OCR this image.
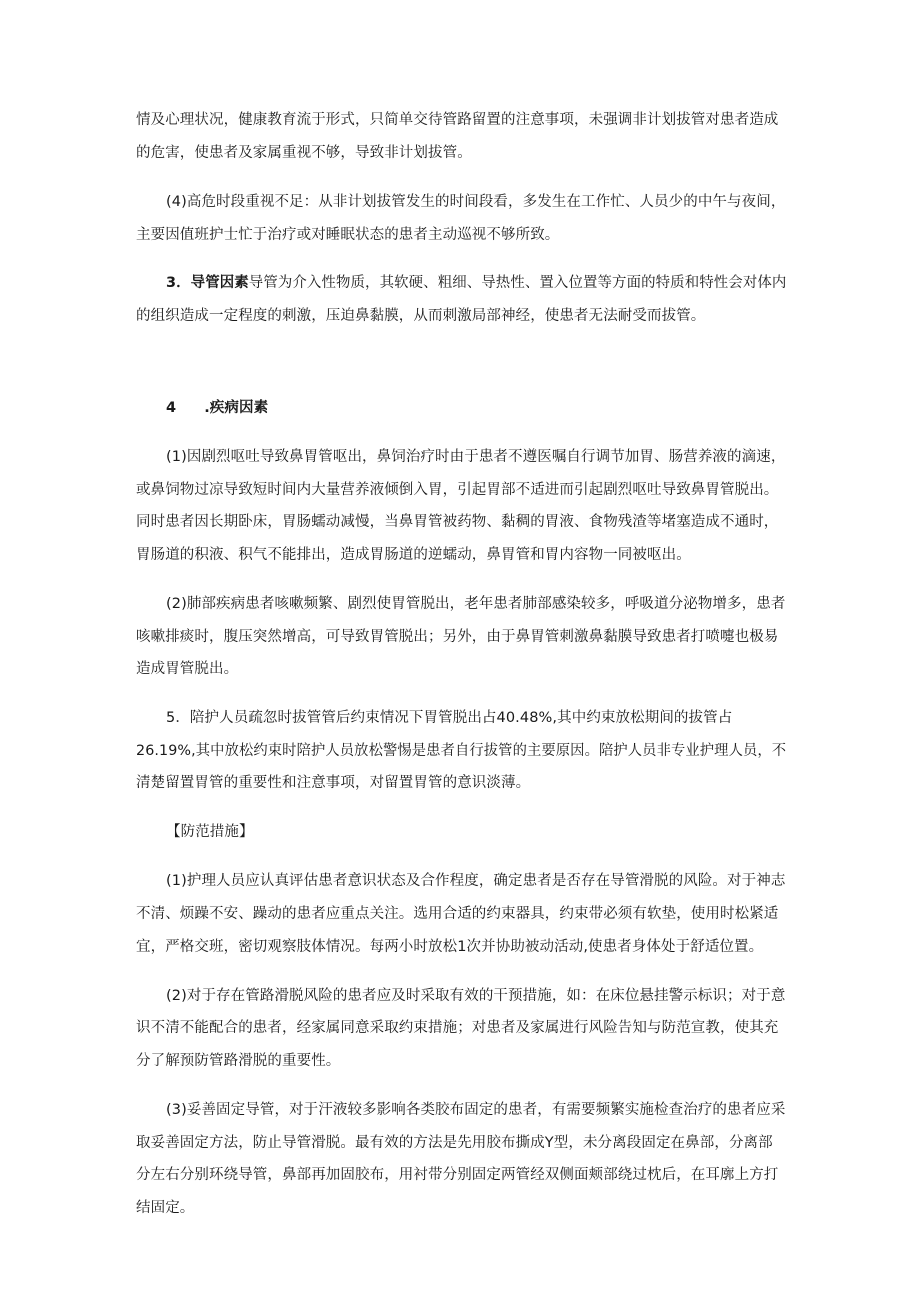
情及心理状况，健康教育流于形式，只简单交待管路留置的注意事项，未强调非计划拔管对患者造成
的危害，使患者及家属重视不够，导致非计划拔管。
(4)高危时段重视不足：从非计划拔管发生的时间段看，多发生在工作忙、人员少的中午与夜间，
主要因值班护士忙于治疗或对睡眠状态的患者主动巡视不够所致。
3．导管因素导管为介入性物质，其软硬、粗细、导热性、置入位置等方面的特质和特性会对体内
的组织造成一定程度的刺激，压迫鼻黏膜，从而刺激局部神经，使患者无法耐受而拔管。
4 .疾病因素
(1)因剧烈呕吐导致鼻胃管呕出，鼻饲治疗时由于患者不遵医嘱自行调节加胃、肠营养液的滴速，
或鼻饲物过凉导致短时间内大量营养液倾倒入胃，引起胃部不适进而引起剧烈呕吐导致鼻胃管脱出。
同时患者因长期卧床，胃肠蠕动减慢，当鼻胃管被药物、黏稠的胃液、食物残渣等堵塞造成不通时，
胃肠道的积液、积气不能排出，造成胃肠道的逆蠕动，鼻胃管和胃内容物一同被呕出。
(2)肺部疾病患者咳嗽频繁、剧烈使胃管脱出，老年患者肺部感染较多，呼吸道分泌物增多，患者
咳嗽排痰时，腹压突然增高，可导致胃管脱出；另外，由于鼻胃管刺激鼻黏膜导致患者打喷嚏也极易
造成胃管脱出。
5．陪护人员疏忽时拔管管后约束情况下胃管脱出占40.48%,其中约束放松期间的拔管占
26.19%,其中放松约束时陪护人员放松警惕是患者自行拔管的主要原因。陪护人员非专业护理人员，不
清楚留置胃管的重要性和注意事项，对留置胃管的意识淡薄。
【防范措施】
(1)护理人员应认真评估患者意识状态及合作程度，确定患者是否存在导管滑脱的风险。对于神志
不清、烦躁不安、躁动的患者应重点关注。选用合适的约束器具，约束带必须有软垫，使用时松紧适
宜，严格交班，密切观察肢体情况。每两小时放松1次并协助被动活动,使患者身体处于舒适位置。
(2)对于存在管路滑脱风险的患者应及时采取有效的干预措施，如：在床位悬挂警示标识；对于意
识不清不能配合的患者，经家属同意采取约束措施；对患者及家属进行风险告知与防范宣教，使其充
分了解预防管路滑脱的重要性。
(3)妥善固定导管，对于汗液较多影响各类胶布固定的患者，有需要频繁实施检查治疗的患者应采
取妥善固定方法，防止导管滑脱。最有效的方法是先用胶布撕成Y型，未分离段固定在鼻部，分离部
分左右分别环绕导管，鼻部再加固胶布，用衬带分别固定两管经双侧面颊部绕过枕后，在耳廓上方打
结固定。
